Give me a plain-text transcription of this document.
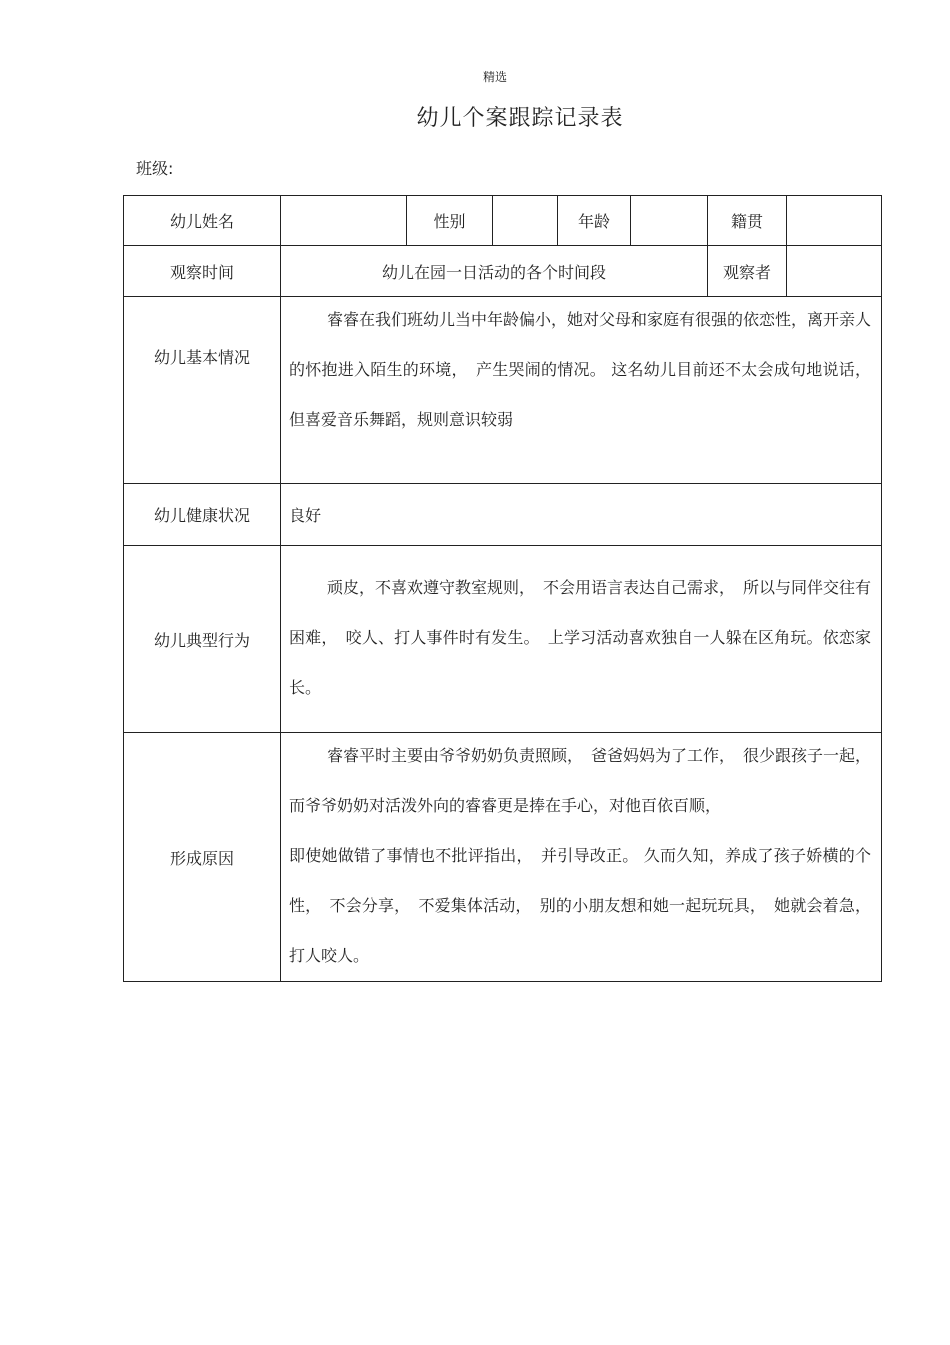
精选
幼儿个案跟踪记录表
班级:
幼儿姓名		性别		年龄		籍贯	
观察时间	幼儿在园一日活动的各个时间段					观察者	
幼儿基本情况	睿睿在我们班幼儿当中年龄偏小，她对父母和家庭有很强的依恋性，离开亲人的怀抱进入陌生的环境，　产生哭闹的情况。 这名幼儿目前还不太会成句地说话，但喜爱音乐舞蹈，规则意识较弱						

幼儿健康状况	良好						
幼儿典型行为	顽皮，不喜欢遵守教室规则，　不会用语言表达自己需求，　所以与同伴交往有困难，　咬人、打人事件时有发生。　上学习活动喜欢独自一人躲在区角玩。依恋家长。						

形成原因	睿睿平时主要由爷爷奶奶负责照顾，　爸爸妈妈为了工作，　很少跟孩子一起，而爷爷奶奶对活泼外向的睿睿更是捧在手心，对他百依百顺，
即使她做错了事情也不批评指出，　并引导改正。 久而久知，养成了孩子娇横的个性，　不会分享，　不爱集体活动，　别的小朋友想和她一起玩玩具，　她就会着急，打人咬人。						
